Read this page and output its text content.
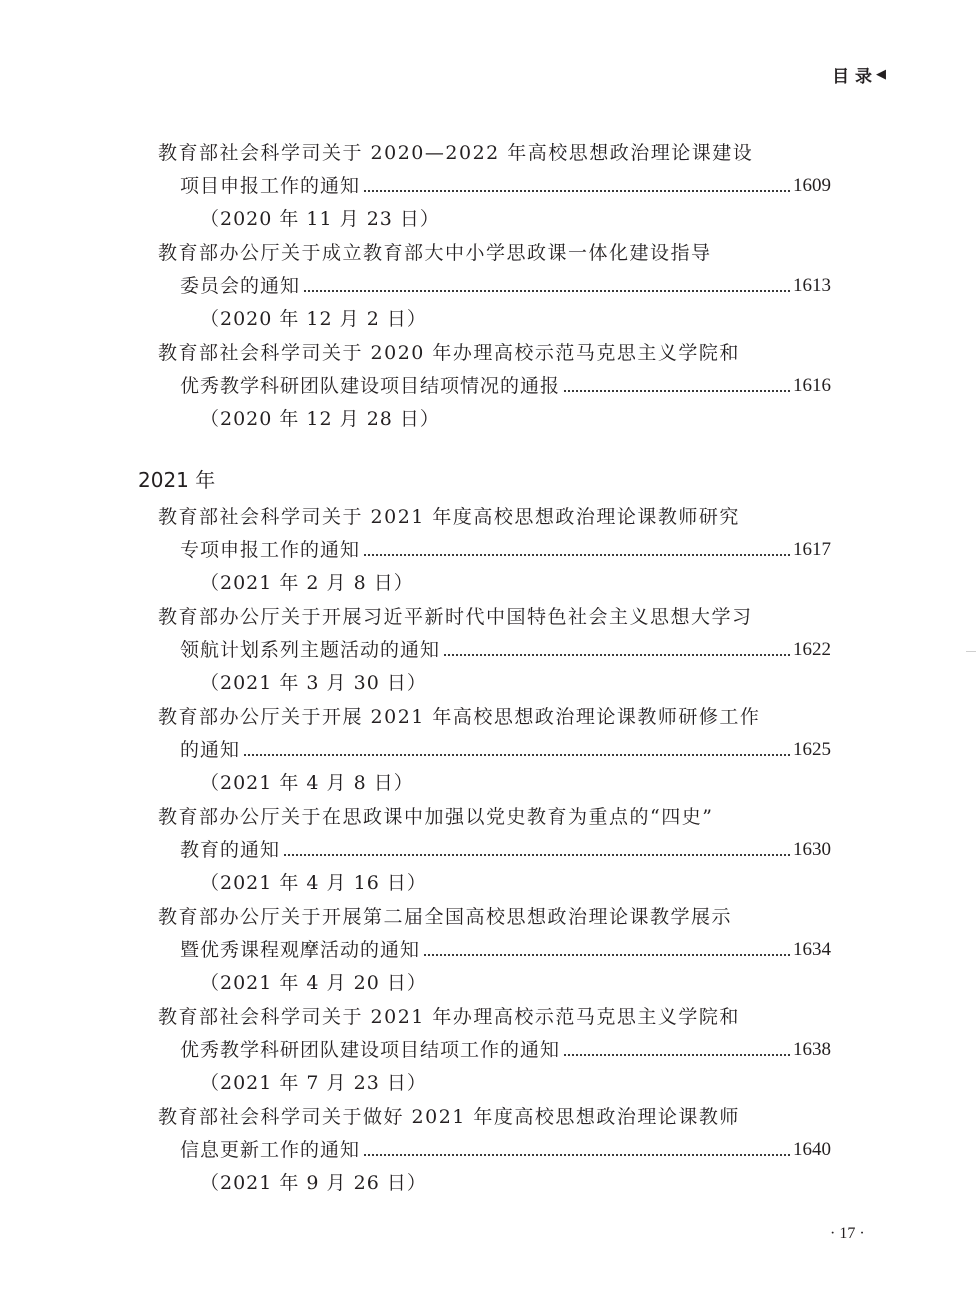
目 录 ◀
教育部社会科学司关于 2020—2022 年高校思想政治理论课建设
项目申报工作的通知	1609
（2020 年 11 月 23 日）
教育部办公厅关于成立教育部大中小学思政课一体化建设指导
委员会的通知	1613
（2020 年 12 月 2 日）
教育部社会科学司关于 2020 年办理高校示范马克思主义学院和
优秀教学科研团队建设项目结项情况的通报	1616
（2020 年 12 月 28 日）
2021 年
教育部社会科学司关于 2021 年度高校思想政治理论课教师研究
专项申报工作的通知	1617
（2021 年 2 月 8 日）
教育部办公厅关于开展习近平新时代中国特色社会主义思想大学习
领航计划系列主题活动的通知	1622
（2021 年 3 月 30 日）
教育部办公厅关于开展 2021 年高校思想政治理论课教师研修工作
的通知	1625
（2021 年 4 月 8 日）
教育部办公厅关于在思政课中加强以党史教育为重点的“四史”
教育的通知	1630
（2021 年 4 月 16 日）
教育部办公厅关于开展第二届全国高校思想政治理论课教学展示
暨优秀课程观摩活动的通知	1634
（2021 年 4 月 20 日）
教育部社会科学司关于 2021 年办理高校示范马克思主义学院和
优秀教学科研团队建设项目结项工作的通知	1638
（2021 年 7 月 23 日）
教育部社会科学司关于做好 2021 年度高校思想政治理论课教师
信息更新工作的通知	1640
（2021 年 9 月 26 日）
· 17 ·
